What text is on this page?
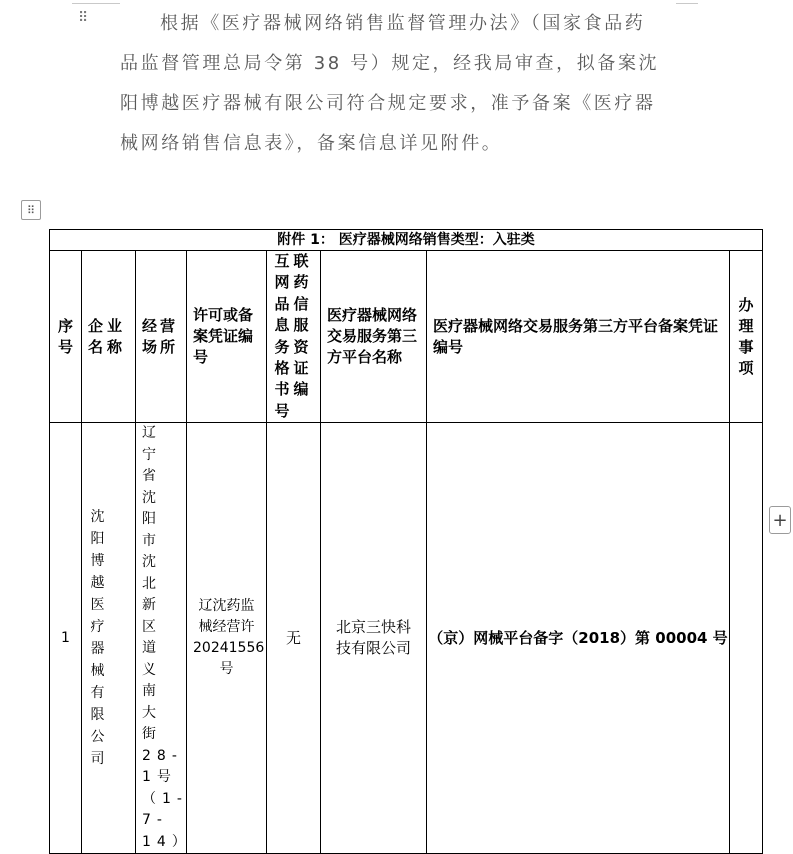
⠿	根据《医疗器械网络销售监督管理办法》（国家食品药
品监督管理总局令第 38 号）规定，经我局审查，拟备案沈
阳博越医疗器械有限公司符合规定要求，准予备案《医疗器
械网络销售信息表》，备案信息详见附件。
⠿
附件 1： 医疗器械网络销售类型：入驻类							

序号	企业名称	经营场所	许可或备案凭证编号	互联网药品信息服务资格证书编号	医疗器械网络交易服务第三方平台名称	医疗器械网络交易服务第三方平台备案凭证编号	办理事项

1	沈阳博越医疗器械有限公司	辽宁省沈阳市沈北新区道义南大街28-1号（1-7-14）	辽沈药监械经营许20241556号	无	北京三快科技有限公司	（京）网械平台备字（2018）第 00004 号	
+
